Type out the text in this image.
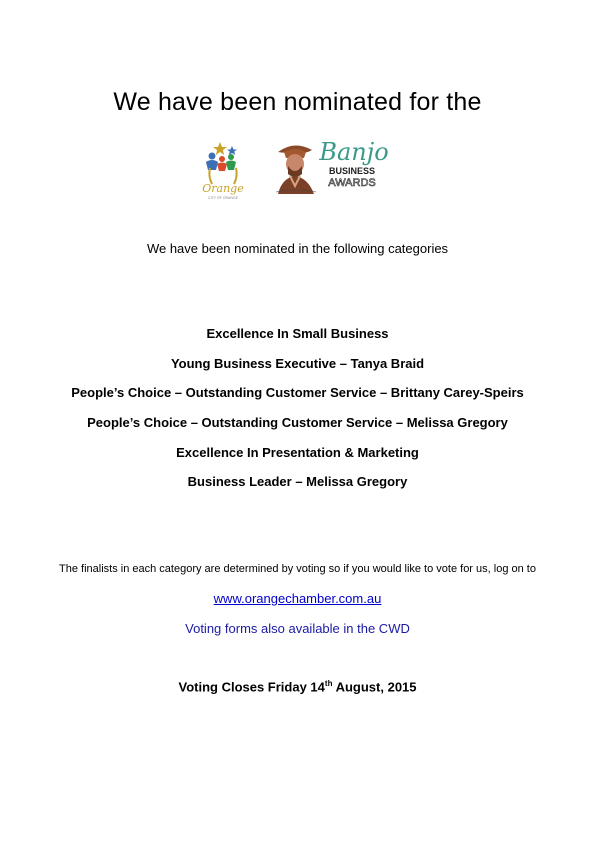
We have been nominated for the
Orange
CITY OF ORANGE
Banjo
BUSINESS
AWARDS
We have been nominated in the following categories
Excellence In Small Business
Young Business Executive – Tanya Braid
People’s Choice – Outstanding Customer Service – Brittany Carey-Speirs
People’s Choice – Outstanding Customer Service – Melissa Gregory
Excellence In Presentation & Marketing
Business Leader – Melissa Gregory
The finalists in each category are determined by voting so if you would like to vote for us, log on to
www.orangechamber.com.au
Voting forms also available in the CWD
Voting Closes Friday 14th August, 2015
